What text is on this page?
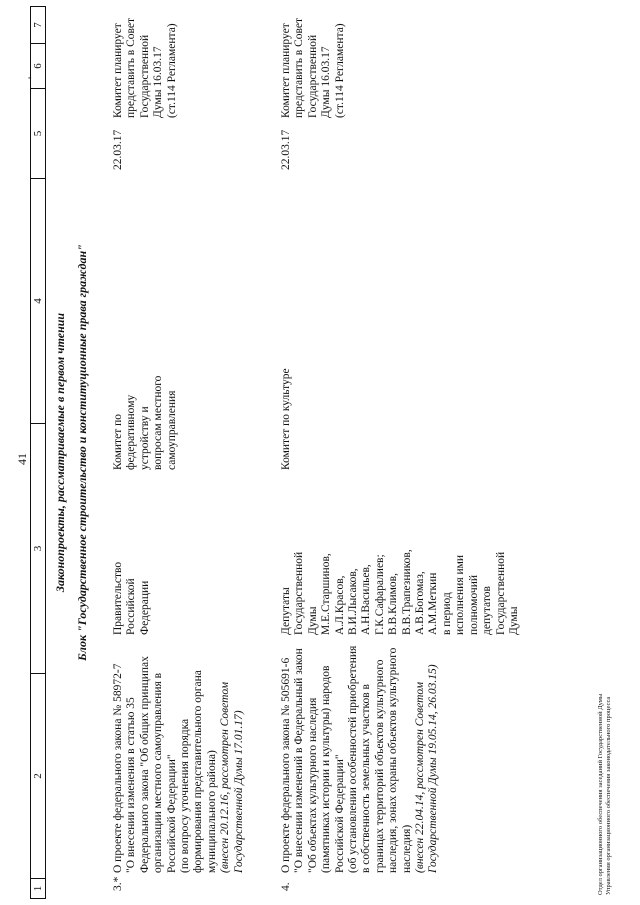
41
'
1
2
3
4
5
6
7
Законопроекты, рассматриваемые в первом чтении Блок "Государственное строительство и конституционные права граждан"
3.*
О проекте федерального закона № 58972-7 "О внесении изменения в статью 35 Федерального закона "Об общих принципах организации местного самоуправления в Российской Федерации" (по вопросу уточнения порядка формирования представительного органа муниципального района) (внесен 20.12.16, рассмотрен Советом Государственной Думы 17.01.17)
Правительство Российской Федерации
Комитет по федеративному устройству и вопросам местного самоуправления
22.03.17
Комитет планирует представить в Совет Государственной Думы 16.03.17 (ст.114 Регламента)
4.
О проекте федерального закона № 505691-6 "О внесении изменений в Федеральный закон "Об объектах культурного наследия (памятниках истории и культуры) народов Российской Федерации" (об установлении особенностей приобретения в собственность земельных участков в границах территорий объектов культурного наследия, зонах охраны объектов культурного наследия) (внесен 22.04.14, рассмотрен Советом Государственной Думы 19.05.14, 26.03.15)
Депутаты Государственной Думы М.Е.Старшинов, А.Л.Красов, В.И.Лысаков, А.Н.Васильев, Г.К.Сафаралиев; В.В.Климов, В.В.Трапезников, А.В.Богомаз, А.М.Меткин в период исполнения ими полномочий депутатов Государственной Думы
Комитет по культуре
22.03.17
Комитет планирует представить в Совет Государственной Думы 16.03.17 (ст.114 Регламента)
Отдел организационного обеспечения заседаний Государственной Думы Управления организационного обеспечения законодательного процесса
